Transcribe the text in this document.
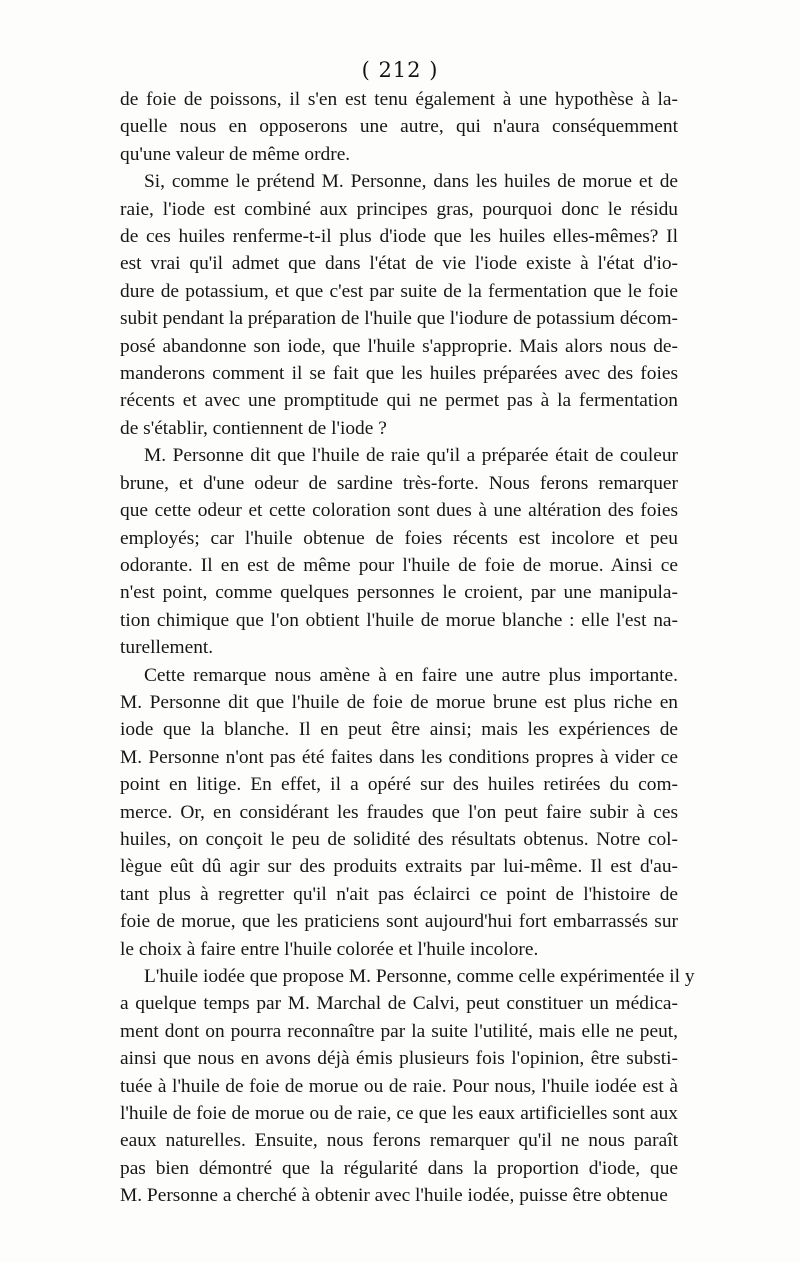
( 212 )

de foie de poissons, il s'en est tenu également à une hypothèse à la-
quelle nous en opposerons une autre, qui n'aura conséquemment
qu'une valeur de même ordre.

Si, comme le prétend M. Personne, dans les huiles de morue et de
raie, l'iode est combiné aux principes gras, pourquoi donc le résidu
de ces huiles renferme-t-il plus d'iode que les huiles elles-mêmes? Il
est vrai qu'il admet que dans l'état de vie l'iode existe à l'état d'io-
dure de potassium, et que c'est par suite de la fermentation que le foie
subit pendant la préparation de l'huile que l'iodure de potassium décom-
posé abandonne son iode, que l'huile s'approprie. Mais alors nous de-
manderons comment il se fait que les huiles préparées avec des foies
récents et avec une promptitude qui ne permet pas à la fermentation
de s'établir, contiennent de l'iode ?

M. Personne dit que l'huile de raie qu'il a préparée était de couleur
brune, et d'une odeur de sardine très-forte. Nous ferons remarquer
que cette odeur et cette coloration sont dues à une altération des foies
employés; car l'huile obtenue de foies récents est incolore et peu
odorante. Il en est de même pour l'huile de foie de morue. Ainsi ce
n'est point, comme quelques personnes le croient, par une manipula-
tion chimique que l'on obtient l'huile de morue blanche : elle l'est na-
turellement.

Cette remarque nous amène à en faire une autre plus importante.
M. Personne dit que l'huile de foie de morue brune est plus riche en
iode que la blanche. Il en peut être ainsi; mais les expériences de
M. Personne n'ont pas été faites dans les conditions propres à vider ce
point en litige. En effet, il a opéré sur des huiles retirées du com-
merce. Or, en considérant les fraudes que l'on peut faire subir à ces
huiles, on conçoit le peu de solidité des résultats obtenus. Notre col-
lègue eût dû agir sur des produits extraits par lui-même. Il est d'au-
tant plus à regretter qu'il n'ait pas éclairci ce point de l'histoire de
foie de morue, que les praticiens sont aujourd'hui fort embarrassés sur
le choix à faire entre l'huile colorée et l'huile incolore.

L'huile iodée que propose M. Personne, comme celle expérimentée il y
a quelque temps par M. Marchal de Calvi, peut constituer un médica-
ment dont on pourra reconnaître par la suite l'utilité, mais elle ne peut,
ainsi que nous en avons déjà émis plusieurs fois l'opinion, être substi-
tuée à l'huile de foie de morue ou de raie. Pour nous, l'huile iodée est à
l'huile de foie de morue ou de raie, ce que les eaux artificielles sont aux
eaux naturelles. Ensuite, nous ferons remarquer qu'il ne nous paraît
pas bien démontré que la régularité dans la proportion d'iode, que
M. Personne a cherché à obtenir avec l'huile iodée, puisse être obtenue
